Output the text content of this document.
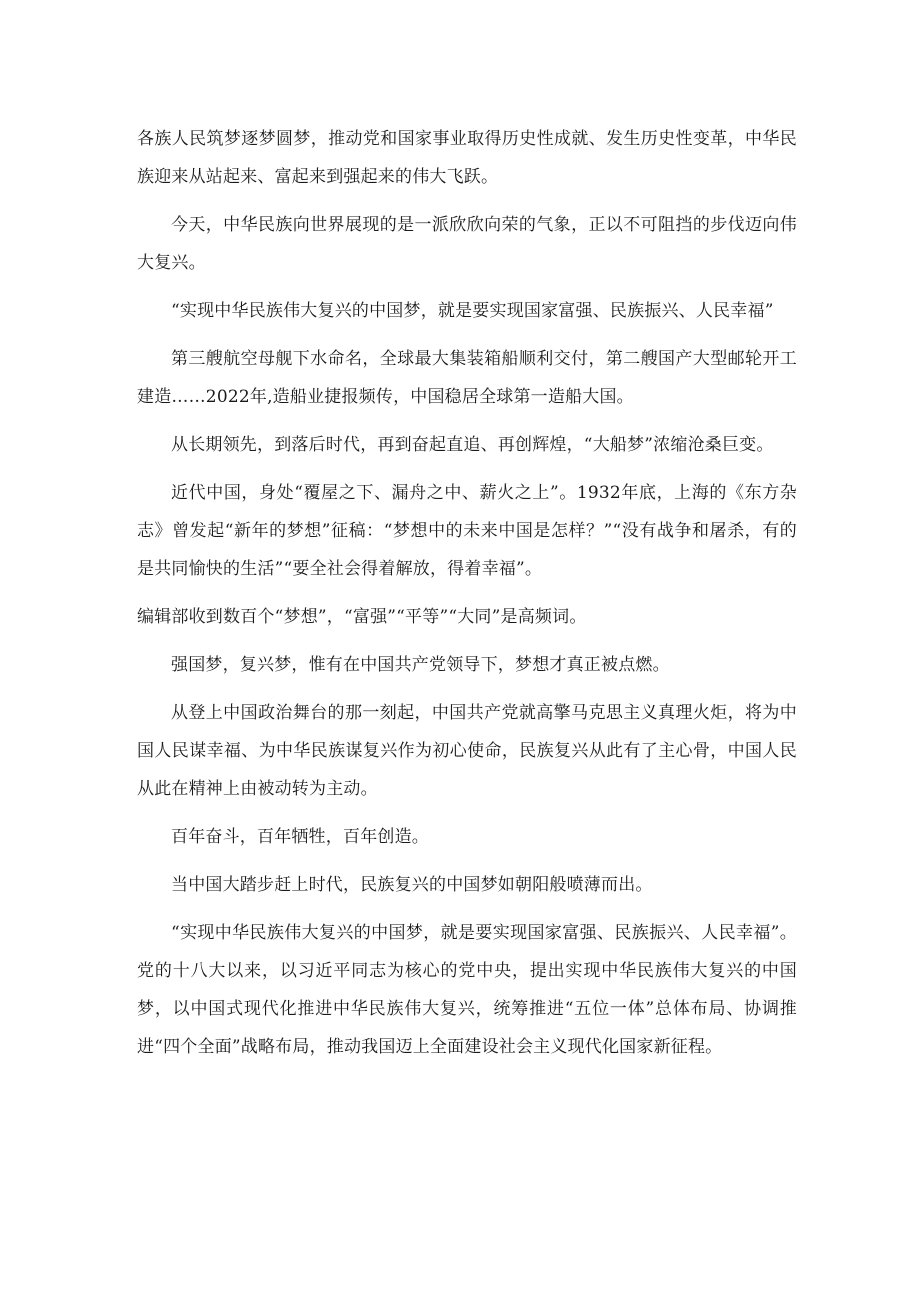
各族人民筑梦逐梦圆梦，推动党和国家事业取得历史性成就、发生历史性变革，中华民族迎来从站起来、富起来到强起来的伟大飞跃。

今天，中华民族向世界展现的是一派欣欣向荣的气象，正以不可阻挡的步伐迈向伟大复兴。

“实现中华民族伟大复兴的中国梦，就是要实现国家富强、民族振兴、人民幸福”

第三艘航空母舰下水命名，全球最大集装箱船顺利交付，第二艘国产大型邮轮开工建造……2022年,造船业捷报频传，中国稳居全球第一造船大国。

从长期领先，到落后时代，再到奋起直追、再创辉煌，“大船梦”浓缩沧桑巨变。

近代中国，身处“覆屋之下、漏舟之中、薪火之上”。1932年底，上海的《东方杂志》曾发起“新年的梦想”征稿：“梦想中的未来中国是怎样？”“没有战争和屠杀，有的是共同愉快的生活”“要全社会得着解放，得着幸福”。

编辑部收到数百个“梦想”，“富强”“平等”“大同”是高频词。

强国梦，复兴梦，惟有在中国共产党领导下，梦想才真正被点燃。

从登上中国政治舞台的那一刻起，中国共产党就高擎马克思主义真理火炬，将为中国人民谋幸福、为中华民族谋复兴作为初心使命，民族复兴从此有了主心骨，中国人民从此在精神上由被动转为主动。

百年奋斗，百年牺牲，百年创造。

当中国大踏步赶上时代，民族复兴的中国梦如朝阳般喷薄而出。

“实现中华民族伟大复兴的中国梦，就是要实现国家富强、民族振兴、人民幸福”。党的十八大以来，以习近平同志为核心的党中央，提出实现中华民族伟大复兴的中国梦，以中国式现代化推进中华民族伟大复兴，统筹推进“五位一体”总体布局、协调推进“四个全面”战略布局，推动我国迈上全面建设社会主义现代化国家新征程。
